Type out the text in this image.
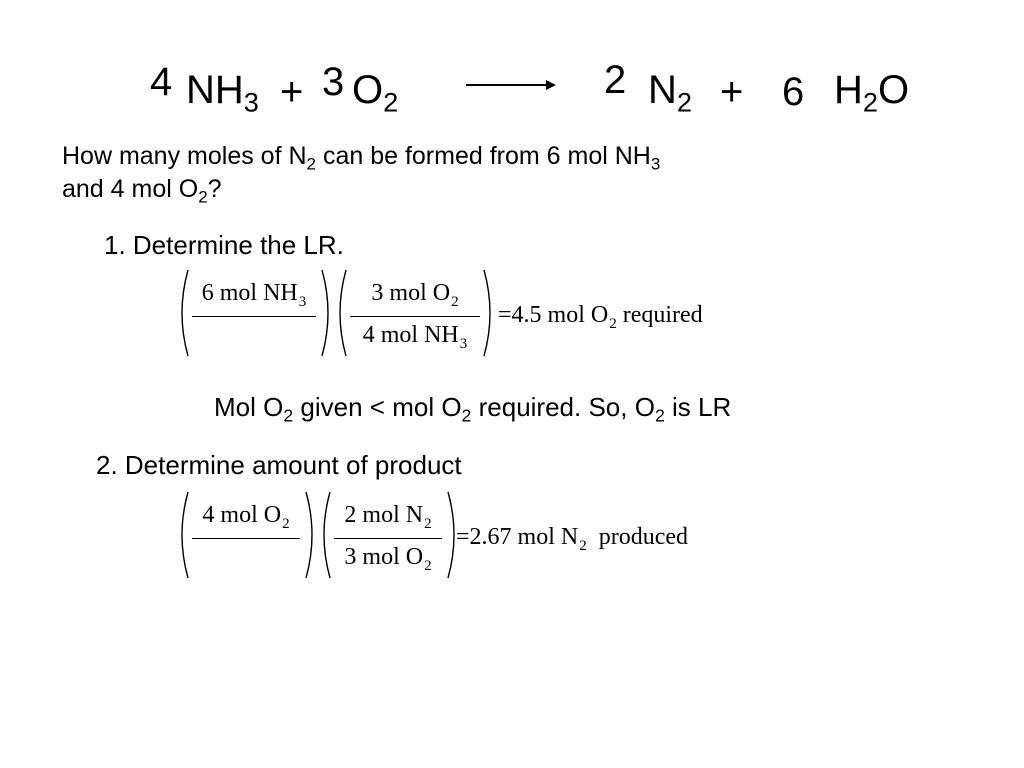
4 $NH_3 + 3$ $O_2$
2 $N_2 + 6$ $H_2O$
How many moles of $N_2$ can be formed from 6 mol $NH_3$
and 4 mol $O_2$?
1. Determine the LR.
6 mol $NH_3$	3 mol $O_2$
4 mol $NH_3$
=4.5 mol $O_2$ required
Mol $O_2$ given < mol $O_2$ required. So, $O_2$ is LR
2. Determine amount of product
4 mol $O_2$	2 mol $N_2$
3 mol $O_2$
=2.67 mol $N_2$  produced
